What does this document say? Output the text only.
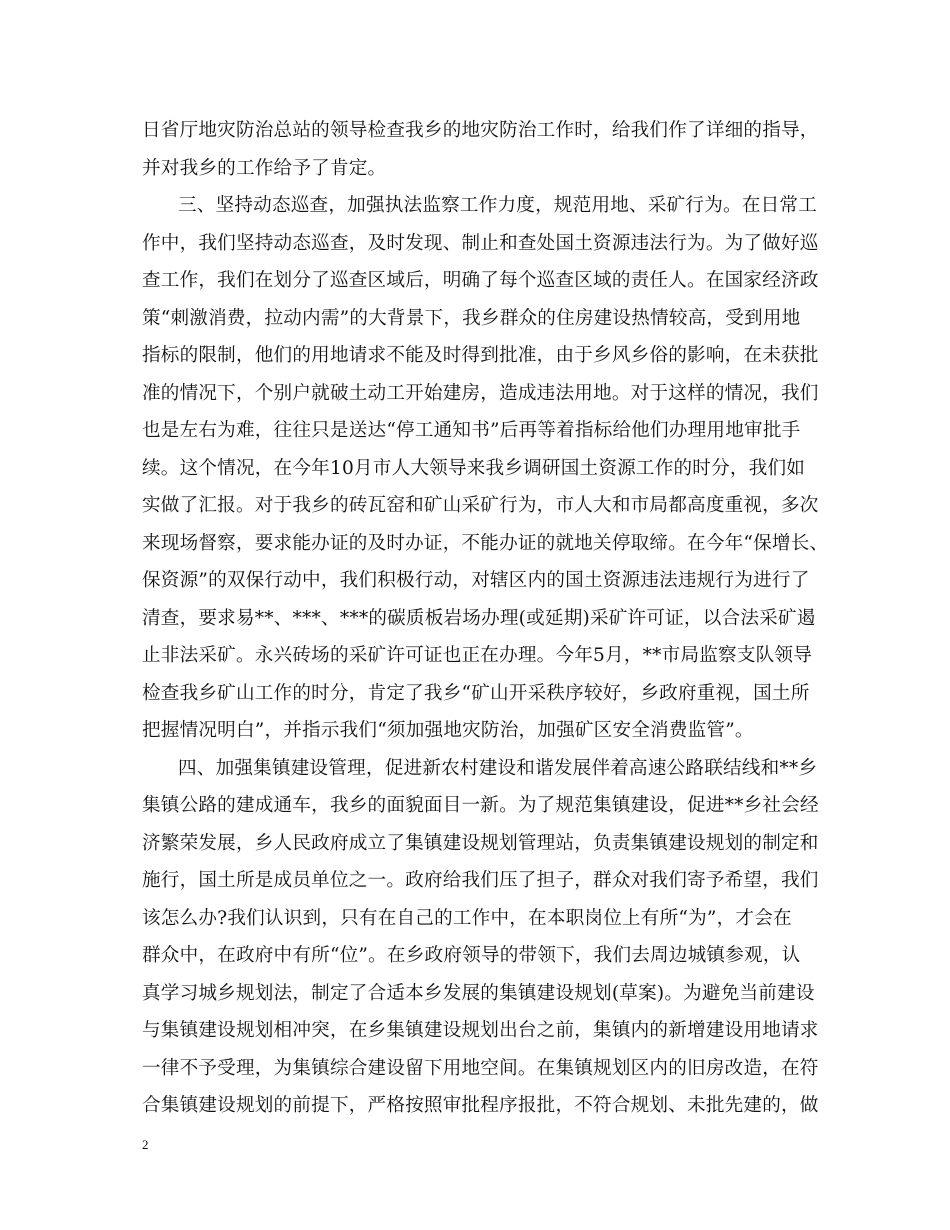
日省厅地灾防治总站的领导检查我乡的地灾防治工作时，给我们作了详细的指导，
并对我乡的工作给予了肯定。
三、坚持动态巡查，加强执法监察工作力度，规范用地、采矿行为。在日常工
作中，我们坚持动态巡查，及时发现、制止和查处国土资源违法行为。为了做好巡
查工作，我们在划分了巡查区域后，明确了每个巡查区域的责任人。在国家经济政
策“刺激消费，拉动内需”的大背景下，我乡群众的住房建设热情较高，受到用地
指标的限制，他们的用地请求不能及时得到批准，由于乡风乡俗的影响，在未获批
准的情况下，个别户就破土动工开始建房，造成违法用地。对于这样的情况，我们
也是左右为难，往往只是送达“停工通知书”后再等着指标给他们办理用地审批手
续。这个情况，在今年10月市人大领导来我乡调研国土资源工作的时分，我们如
实做了汇报。对于我乡的砖瓦窑和矿山采矿行为，市人大和市局都高度重视，多次
来现场督察，要求能办证的及时办证，不能办证的就地关停取缔。在今年“保增长、
保资源”的双保行动中，我们积极行动，对辖区内的国土资源违法违规行为进行了
清查，要求易**、***、***的碳质板岩场办理(或延期)采矿许可证，以合法采矿遏
止非法采矿。永兴砖场的采矿许可证也正在办理。今年5月，**市局监察支队领导
检查我乡矿山工作的时分，肯定了我乡“矿山开采秩序较好，乡政府重视，国土所
把握情况明白”，并指示我们“须加强地灾防治，加强矿区安全消费监管”。
四、加强集镇建设管理，促进新农村建设和谐发展伴着高速公路联结线和**乡
集镇公路的建成通车，我乡的面貌面目一新。为了规范集镇建设，促进**乡社会经
济繁荣发展，乡人民政府成立了集镇建设规划管理站，负责集镇建设规划的制定和
施行，国土所是成员单位之一。政府给我们压了担子，群众对我们寄予希望，我们
该怎么办?我们认识到，只有在自己的工作中，在本职岗位上有所“为”，才会在
群众中，在政府中有所“位”。在乡政府领导的带领下，我们去周边城镇参观，认
真学习城乡规划法，制定了合适本乡发展的集镇建设规划(草案)。为避免当前建设
与集镇建设规划相冲突，在乡集镇建设规划出台之前，集镇内的新增建设用地请求
一律不予受理，为集镇综合建设留下用地空间。在集镇规划区内的旧房改造，在符
合集镇建设规划的前提下，严格按照审批程序报批，不符合规划、未批先建的，做
2
